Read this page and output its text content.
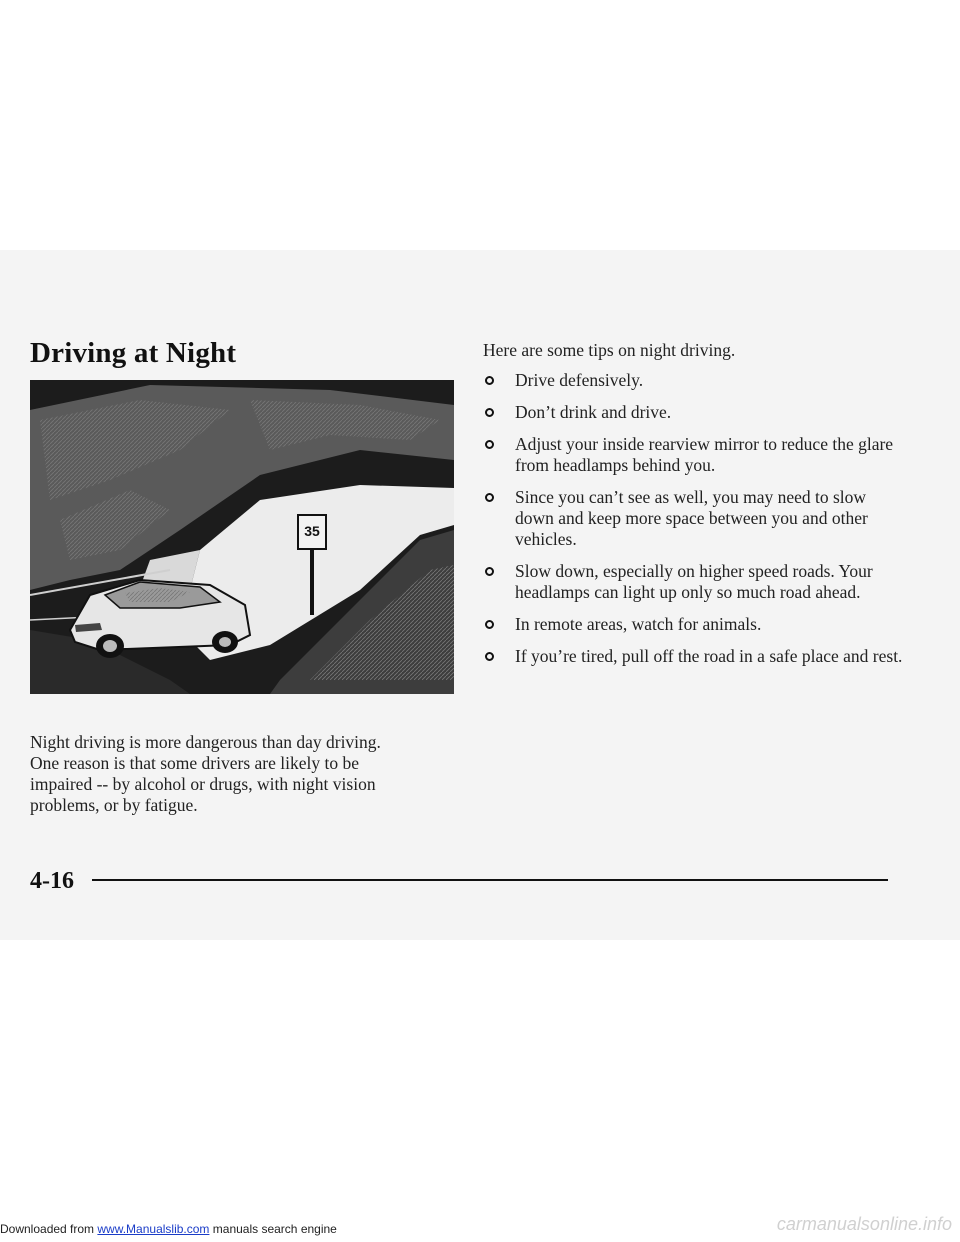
Driving at Night
35

Night driving is more dangerous than day driving. One reason is that some drivers are likely to be impaired -- by alcohol or drugs, with night vision problems, or by fatigue.

Here are some tips on night driving.
Drive defensively.
Don’t drink and drive.
Adjust your inside rearview mirror to reduce the glare from headlamps behind you.
Since you can’t see as well, you may need to slow down and keep more space between you and other vehicles.
Slow down, especially on higher speed roads. Your headlamps can light up only so much road ahead.
In remote areas, watch for animals.
If you’re tired, pull off the road in a safe place and rest.
4-16
Downloaded from www.Manualslib.com manuals search engine	carmanualsonline.info
